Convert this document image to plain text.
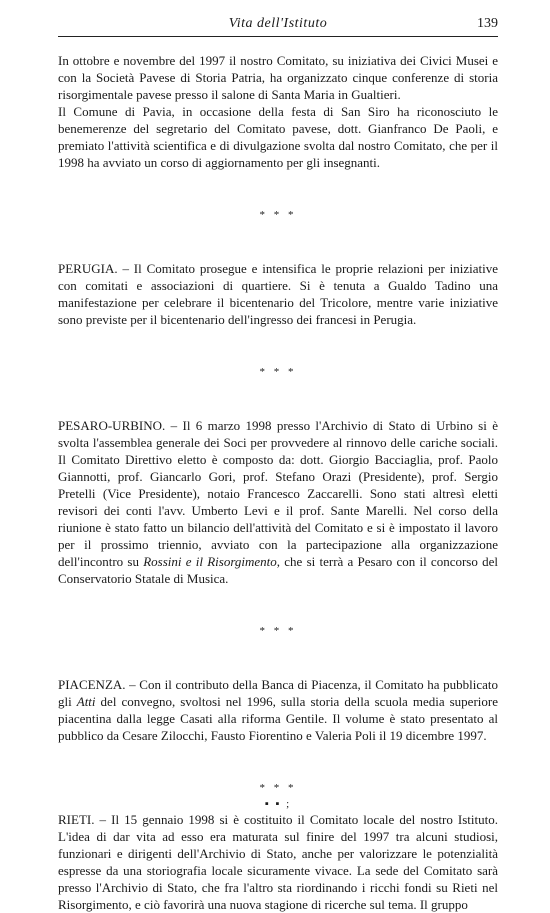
Vita dell'Istituto	139

In ottobre e novembre del 1997 il nostro Comitato, su iniziativa dei Civici Musei e con la Società Pavese di Storia Patria, ha organizzato cinque conferenze di storia risorgimentale pavese presso il salone di Santa Maria in Gualtieri.

Il Comune di Pavia, in occasione della festa di San Siro ha riconosciuto le benemerenze del segretario del Comitato pavese, dott. Gianfranco De Paoli, e premiato l'attività scientifica e di divulgazione svolta dal nostro Comitato, che per il 1998 ha avviato un corso di aggiornamento per gli insegnanti.

* * *

PERUGIA. – Il Comitato prosegue e intensifica le proprie relazioni per iniziative con comitati e associazioni di quartiere. Si è tenuta a Gualdo Tadino una manifestazione per celebrare il bicentenario del Tricolore, mentre varie iniziative sono previste per il bicentenario dell'ingresso dei francesi in Perugia.

* * *

PESARO-URBINO. – Il 6 marzo 1998 presso l'Archivio di Stato di Urbino si è svolta l'assemblea generale dei Soci per provvedere al rinnovo delle cariche sociali. Il Comitato Direttivo eletto è composto da: dott. Giorgio Bacciaglia, prof. Paolo Giannotti, prof. Giancarlo Gori, prof. Stefano Orazi (Presidente), prof. Sergio Pretelli (Vice Presidente), notaio Francesco Zaccarelli. Sono stati altresì eletti revisori dei conti l'avv. Umberto Levi e il prof. Sante Marelli. Nel corso della riunione è stato fatto un bilancio dell'attività del Comitato e si è impostato il lavoro per il prossimo triennio, avviato con la partecipazione alla organizzazione dell'incontro su Rossini e il Risorgimento, che si terrà a Pesaro con il concorso del Conservatorio Statale di Musica.

* * *

PIACENZA. – Con il contributo della Banca di Piacenza, il Comitato ha pubblicato gli Atti del convegno, svoltosi nel 1996, sulla storia della scuola media superiore piacentina dalla legge Casati alla riforma Gentile. Il volume è stato presentato al pubblico da Cesare Zilocchi, Fausto Fiorentino e Valeria Poli il 19 dicembre 1997.

* * *
▪ ▪ ;

RIETI. – Il 15 gennaio 1998 si è costituito il Comitato locale del nostro Istituto. L'idea di dar vita ad esso era maturata sul finire del 1997 tra alcuni studiosi, funzionari e dirigenti dell'Archivio di Stato, anche per valorizzare le potenzialità espresse da una storiografia locale sicuramente vivace. La sede del Comitato sarà presso l'Archivio di Stato, che fra l'altro sta riordinando i ricchi fondi su Rieti nel Risorgimento, e ciò favorirà una nuova stagione di ricerche sul tema. Il gruppo
